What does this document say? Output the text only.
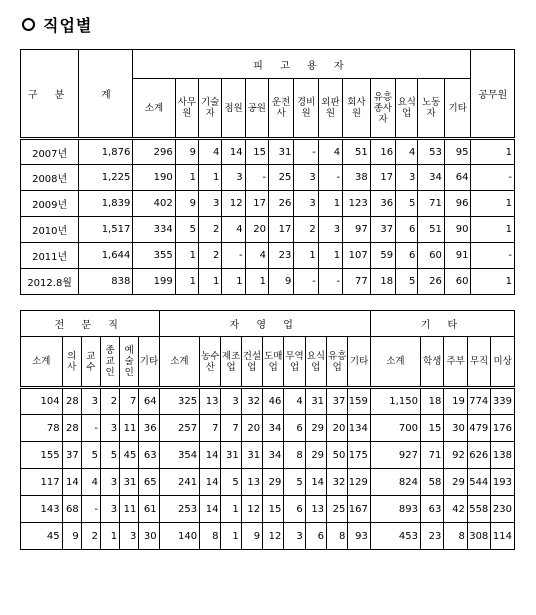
직업별
구 분	계	피 고 용 자													공무원
		소계	사무원	기술자	점원	공원	운전사	경비원	외판원	회사원	유흥종사자	요식업	노동자	기타	
2007년	1,876	296	9	4	14	15	31	-	4	51	16	4	53	95	1
2008년	1,225	190	1	1	3	-	25	3	-	38	17	3	34	64	-
2009년	1,839	402	9	3	12	17	26	3	1	123	36	5	71	96	1
2010년	1,517	334	5	2	4	20	17	2	3	97	37	6	51	90	1
2011년	1,644	355	1	2	-	4	23	1	1	107	59	6	60	91	-
2012.8월	838	199	1	1	1	1	9	-	-	77	18	5	26	60	1
전 문 직						자 영 업									기 타				
소계	의사	교수	종교인	예술인	기타	소계	농수산	제조업	건설업	도매업	무역업	요식업	유흥업	기타	소계	학생	주부	무직	미상
104	28	3	2	7	64	325	13	3	32	46	4	31	37	159	1,150	18	19	774	339
78	28	-	3	11	36	257	7	7	20	34	6	29	20	134	700	15	30	479	176
155	37	5	5	45	63	354	14	31	31	34	8	29	50	175	927	71	92	626	138
117	14	4	3	31	65	241	14	5	13	29	5	14	32	129	824	58	29	544	193
143	68	-	3	11	61	253	14	1	12	15	6	13	25	167	893	63	42	558	230
45	9	2	1	3	30	140	8	1	9	12	3	6	8	93	453	23	8	308	114
